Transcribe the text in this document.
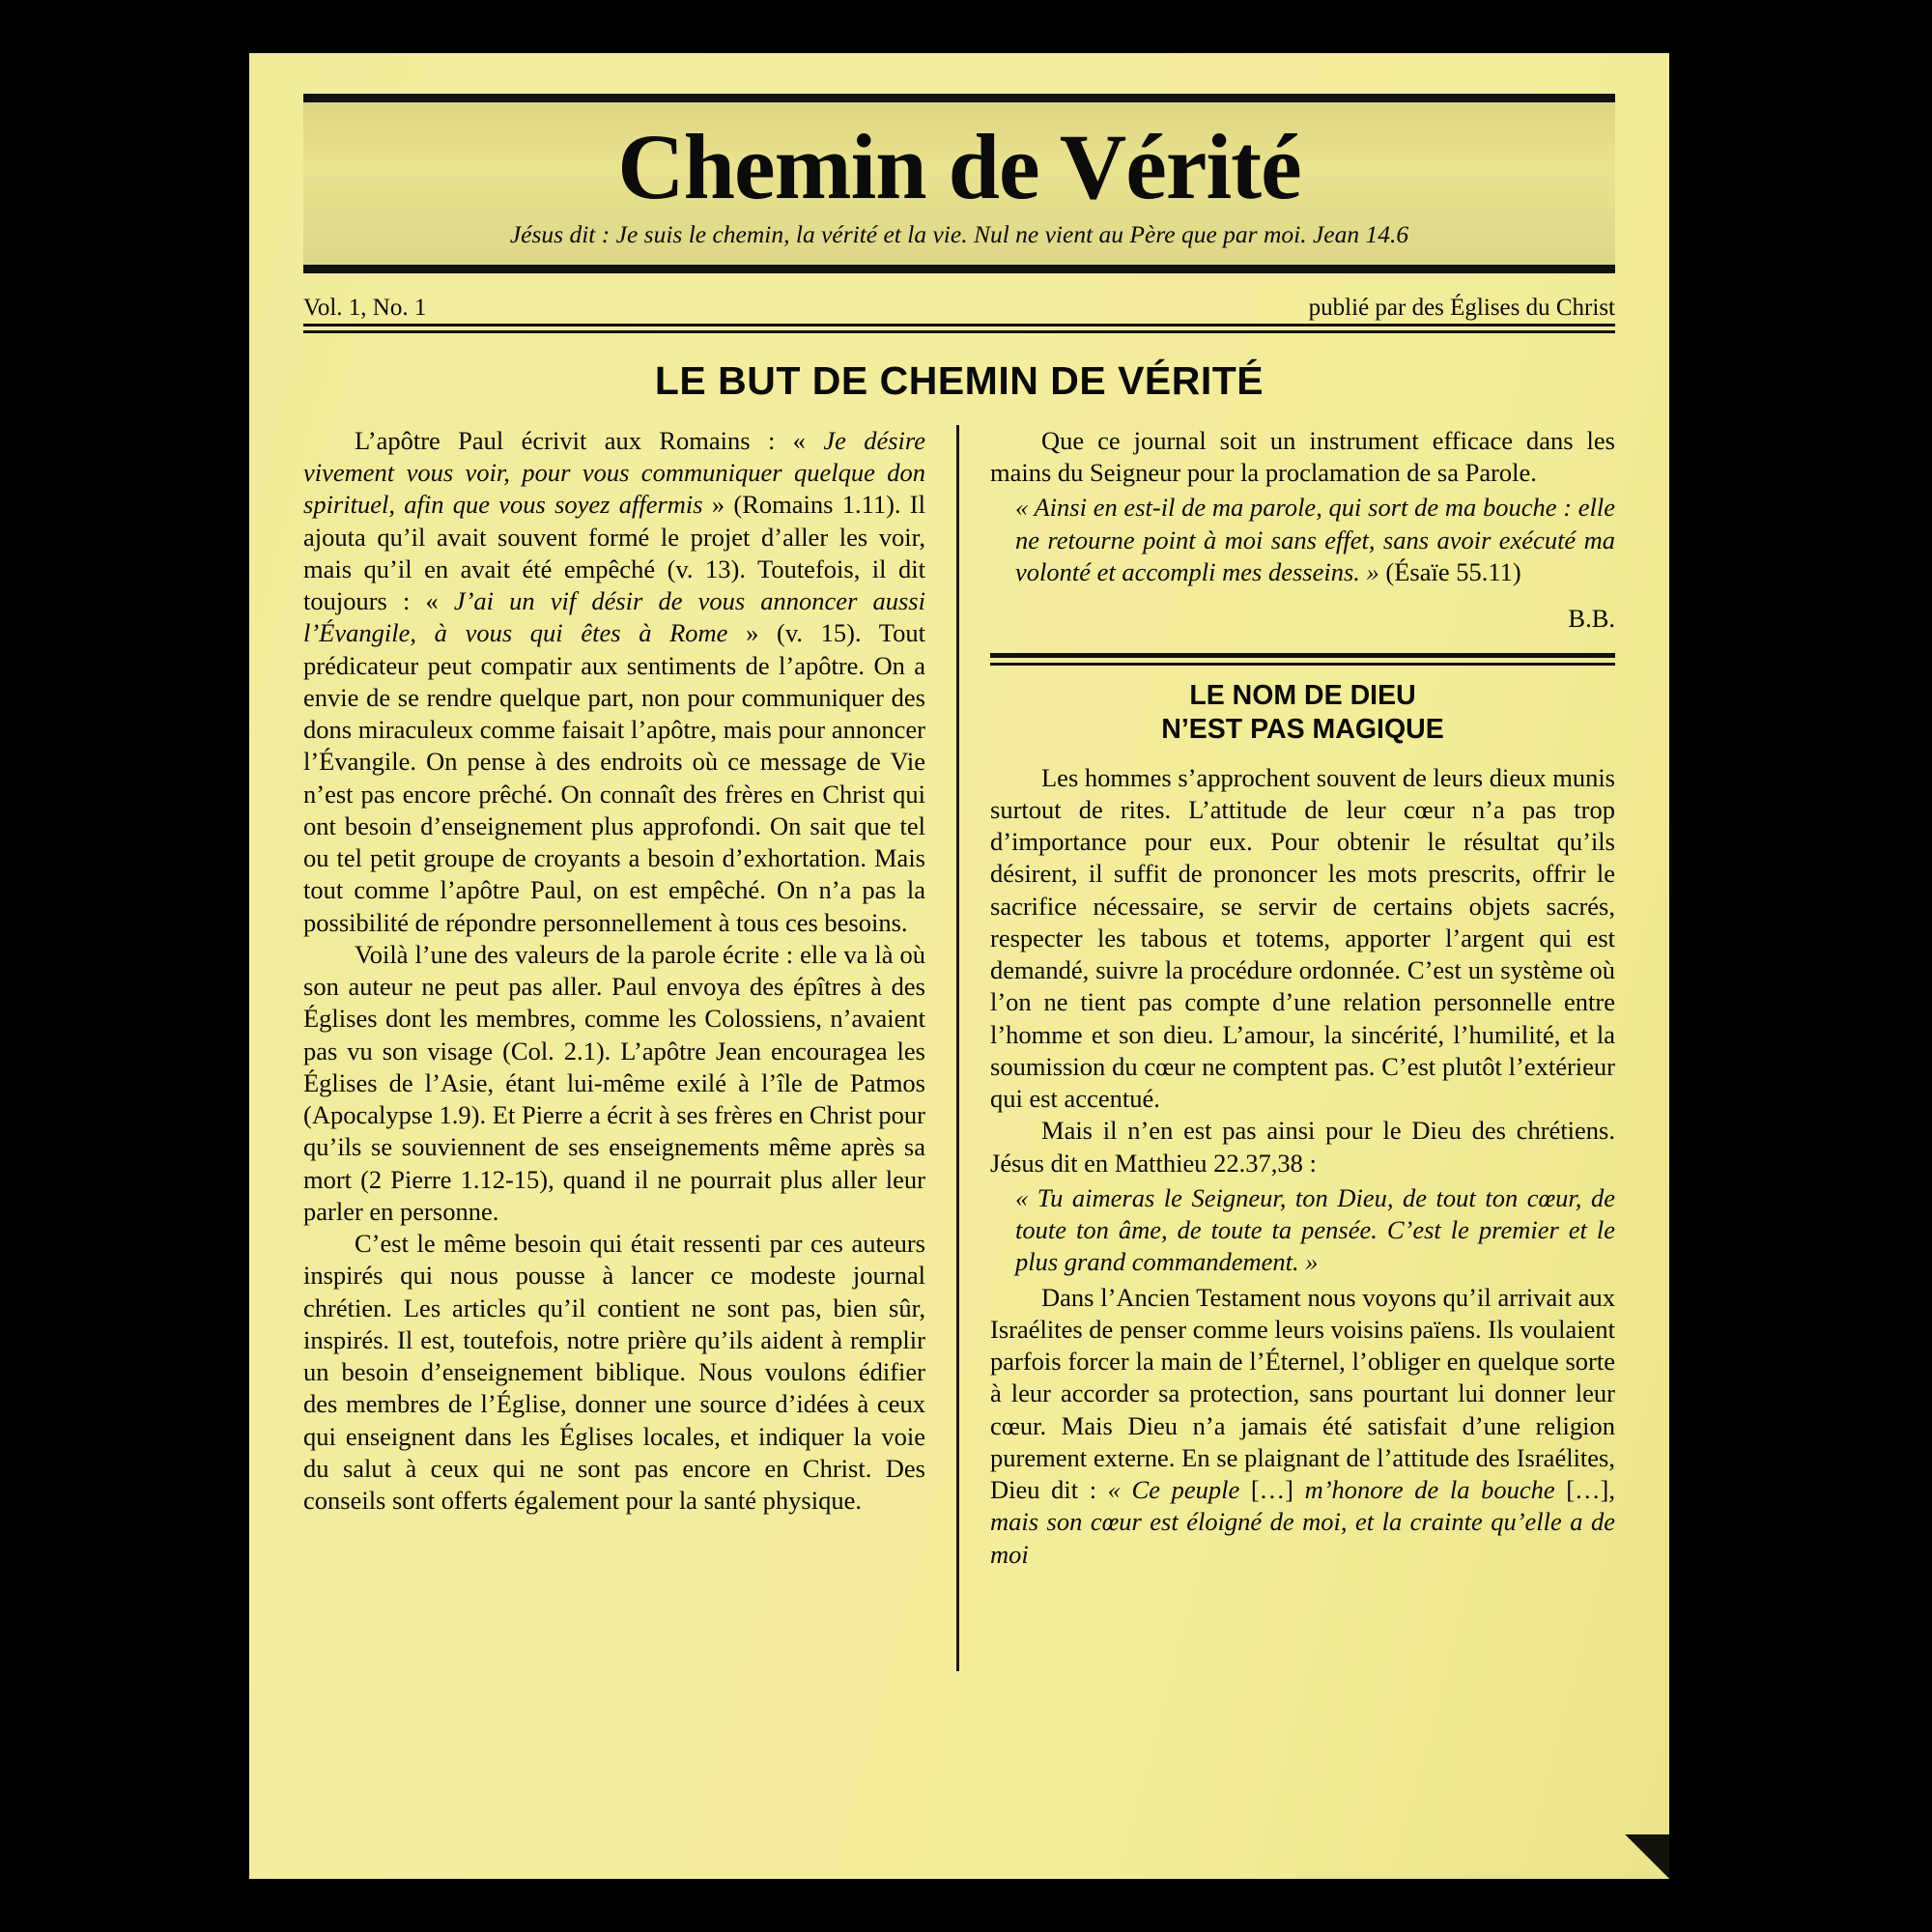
Chemin de Vérité
Jésus dit : Je suis le chemin, la vérité et la vie. Nul ne vient au Père que par moi. Jean 14.6
Vol. 1, No. 1	publié par des Églises du Christ
LE BUT DE CHEMIN DE VÉRITÉ

L’apôtre Paul écrivit aux Romains : « Je désire vivement vous voir, pour vous communiquer quelque don spirituel, afin que vous soyez affermis » (Romains 1.11). Il ajouta qu’il avait souvent formé le projet d’aller les voir, mais qu’il en avait été empêché (v. 13). Toutefois, il dit toujours : « J’ai un vif désir de vous annoncer aussi l’Évangile, à vous qui êtes à Rome » (v. 15). Tout prédicateur peut compatir aux sentiments de l’apôtre. On a envie de se rendre quelque part, non pour communiquer des dons miraculeux comme faisait l’apôtre, mais pour annoncer l’Évangile. On pense à des endroits où ce message de Vie n’est pas encore prêché. On connaît des frères en Christ qui ont besoin d’enseignement plus approfondi. On sait que tel ou tel petit groupe de croyants a besoin d’exhortation. Mais tout comme l’apôtre Paul, on est empêché. On n’a pas la possibilité de répondre personnellement à tous ces besoins.

Voilà l’une des valeurs de la parole écrite : elle va là où son auteur ne peut pas aller. Paul envoya des épîtres à des Églises dont les membres, comme les Colossiens, n’avaient pas vu son visage (Col. 2.1). L’apôtre Jean encouragea les Églises de l’Asie, étant lui-même exilé à l’île de Patmos (Apocalypse 1.9). Et Pierre a écrit à ses frères en Christ pour qu’ils se souviennent de ses enseignements même après sa mort (2 Pierre 1.12-15), quand il ne pourrait plus aller leur parler en personne.

C’est le même besoin qui était ressenti par ces auteurs inspirés qui nous pousse à lancer ce modeste journal chrétien. Les articles qu’il contient ne sont pas, bien sûr, inspirés. Il est, toutefois, notre prière qu’ils aident à remplir un besoin d’enseignement biblique. Nous voulons édifier des membres de l’Église, donner une source d’idées à ceux qui enseignent dans les Églises locales, et indiquer la voie du salut à ceux qui ne sont pas encore en Christ. Des conseils sont offerts également pour la santé physique.

Que ce journal soit un instrument efficace dans les mains du Seigneur pour la proclamation de sa Parole.

« Ainsi en est-il de ma parole, qui sort de ma bouche : elle ne retourne point à moi sans effet, sans avoir exécuté ma volonté et accompli mes desseins. » (Ésaïe 55.11)

B.B.
LE NOM DE DIEU
N’EST PAS MAGIQUE

Les hommes s’approchent souvent de leurs dieux munis surtout de rites. L’attitude de leur cœur n’a pas trop d’importance pour eux. Pour obtenir le résultat qu’ils désirent, il suffit de prononcer les mots prescrits, offrir le sacrifice nécessaire, se servir de certains objets sacrés, respecter les tabous et totems, apporter l’argent qui est demandé, suivre la procédure ordonnée. C’est un système où l’on ne tient pas compte d’une relation personnelle entre l’homme et son dieu. L’amour, la sincérité, l’humilité, et la soumission du cœur ne comptent pas. C’est plutôt l’extérieur qui est accentué.

Mais il n’en est pas ainsi pour le Dieu des chrétiens. Jésus dit en Matthieu 22.37,38 :

« Tu aimeras le Seigneur, ton Dieu, de tout ton cœur, de toute ton âme, de toute ta pensée. C’est le premier et le plus grand commandement. »

Dans l’Ancien Testament nous voyons qu’il arrivait aux Israélites de penser comme leurs voisins païens. Ils voulaient parfois forcer la main de l’Éternel, l’obliger en quelque sorte à leur accorder sa protection, sans pourtant lui donner leur cœur. Mais Dieu n’a jamais été satisfait d’une religion purement externe. En se plaignant de l’attitude des Israélites, Dieu dit : « Ce peuple […] m’honore de la bouche […], mais son cœur est éloigné de moi, et la crainte qu’elle a de moi
